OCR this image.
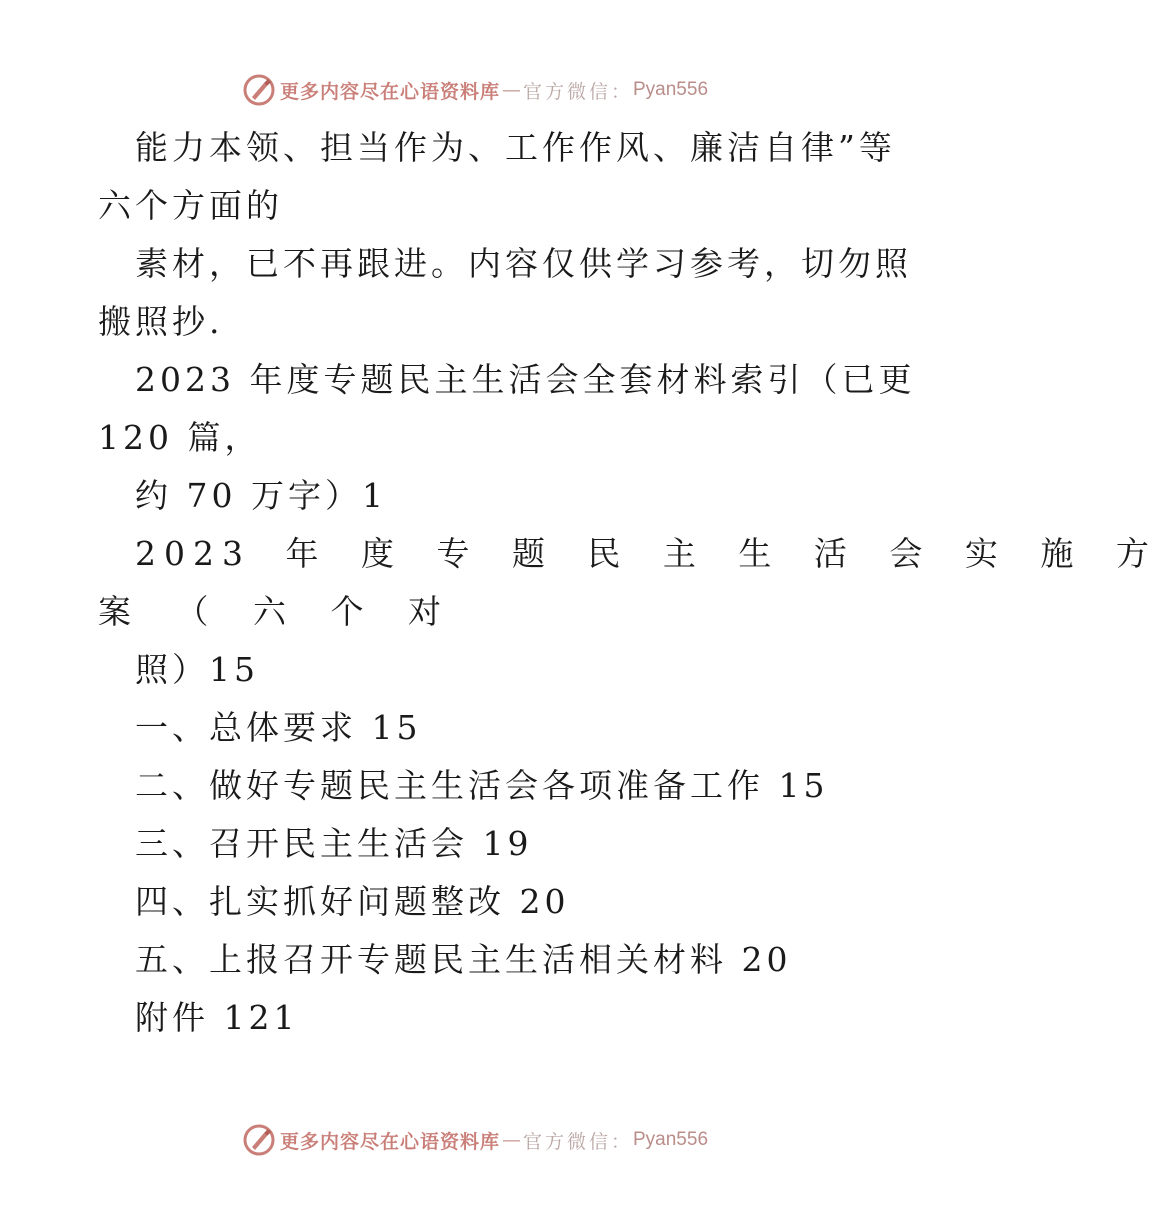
更多内容尽在心语资料库 — 官方微信： Pyan556
能力本领、担当作为、工作作风、廉洁自律”等
六个方面的
素材，已不再跟进。内容仅供学习参考，切勿照
搬照抄.
2023 年度专题民主生活会全套材料索引（已更
120 篇，
约 70 万字）1
2023 年 度 专 题 民 主 生 活 会 实 施 方
案 （ 六 个 对
照）15
一、总体要求 15
二、做好专题民主生活会各项准备工作 15
三、召开民主生活会 19
四、扎实抓好问题整改 20
五、上报召开专题民主生活相关材料 20
附件 121
更多内容尽在心语资料库 — 官方微信： Pyan556
